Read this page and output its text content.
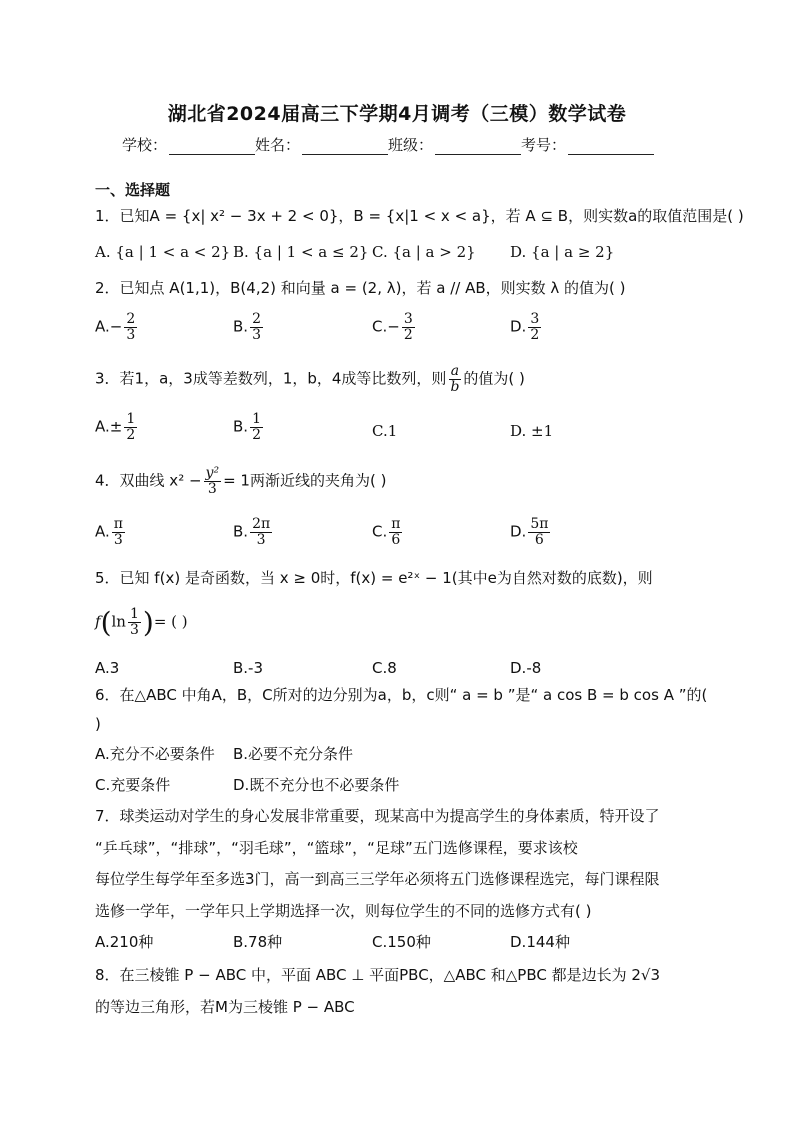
湖北省2024届高三下学期4月调考（三模）数学试卷
学校：	姓名：	班级：	考号：
一、选择题
1．已知A = {x| x² − 3x + 2 < 0}，B = {x|1 < x < a}，若 A ⊆ B，则实数a的取值范围是( )
A. {a | 1 < a < 2} B. {a | 1 < a ≤ 2} C. {a | a > 2} D. {a | a ≥ 2}
2．已知点 A(1,1)，B(4,2) 和向量 a = (2, λ)，若 a // AB，则实数 λ 的值为( )
$A.- \frac{2}{3}$	B. $\frac{2}{3}$	$C.- \frac{3}{2}$	D. $\frac{3}{2}$
3．若1，a，3成等差数列，1，b，4成等比数列，则 $\frac{a}{b}$ 的值为( )
$A.\pm \frac{1}{2}$	B. $\frac{1}{2}$	C.1	D. ±1
4．双曲线 $x^2 - \frac{\text{y²}}{3} = 1$两渐近线的夹角为( )
A. $\frac{\pi}{3}$	B. $\frac{2\pi}{3}$	C. $\frac{\pi}{6}$	D. $\frac{5\pi}{6}$
5．已知 f(x) 是奇函数，当 x ≥ 0时，f(x) = e²ˣ − 1(其中e为自然对数的底数)，则
$f(\ln \frac{1}{3}$ )= ( )
A.3	B.-3	C.8	D.-8
6．在△ABC 中角A，B，C所对的边分别为a，b，c则“ a = b ”是“ a cos B = b cos A ”的(
)
A.充分不必要条件 B.必要不充分条件
C.充要条件	D.既不充分也不必要条件
7．球类运动对学生的身心发展非常重要，现某高中为提高学生的身体素质，特开设了
“乒乓球”，“排球”，“羽毛球”，“篮球”，“足球”五门选修课程，要求该校
每位学生每学年至多选3门，高一到高三三学年必须将五门选修课程选完，每门课程限
选修一学年，一学年只上学期选择一次，则每位学生的不同的选修方式有( )
A.210种	B.78种	C.150种	D.144种
8．在三棱锥 P − ABC 中，平面 ABC ⊥ 平面PBC，△ABC 和△PBC 都是边长为 2√3
的等边三角形，若M为三棱锥 P − ABC
